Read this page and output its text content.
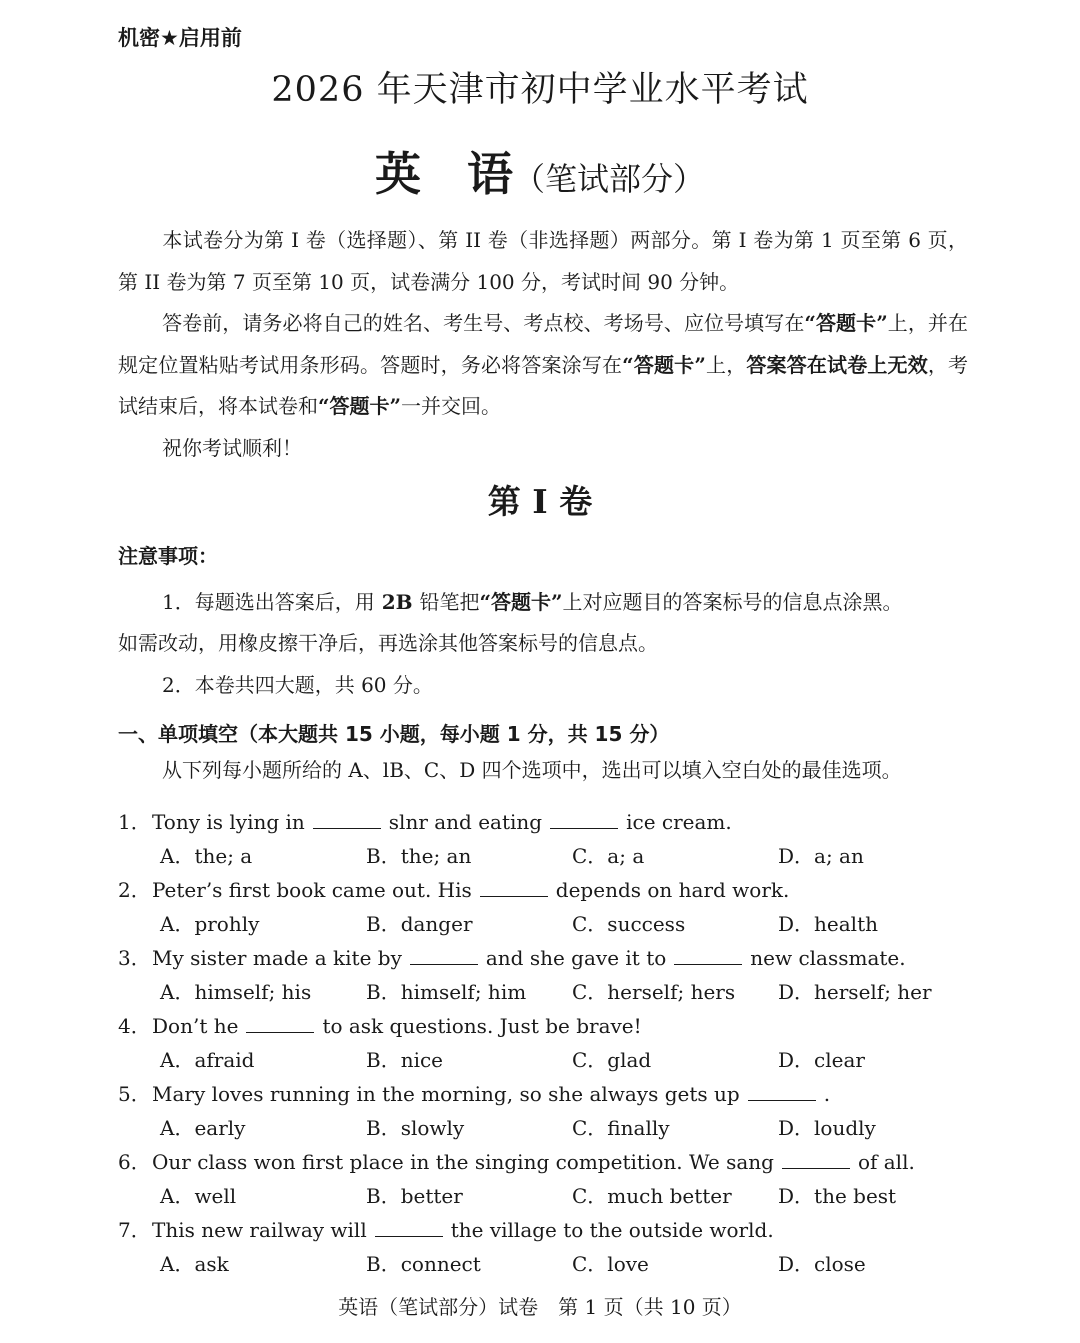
机密★启用前
2026 年天津市初中学业水平考试
英　语（笔试部分）
本试卷分为第 I 卷（选择题）、第 II 卷（非选择题）两部分。第 I 卷为第 1 页至第 6 页，第 II 卷为第 7 页至第 10 页，试卷满分 100 分，考试时间 90 分钟。
答卷前，请务必将自己的姓名、考生号、考点校、考场号、应位号填写在“答题卡”上，并在规定位置粘贴考试用条形码。答题时，务必将答案涂写在“答题卡”上，答案答在试卷上无效，考试结束后，将本试卷和“答题卡”一并交回。
祝你考试顺利！
第 I 卷
注意事项：
1．每题选出答案后，用 2B 铅笔把“答题卡”上对应题目的答案标号的信息点涂黑。
如需改动，用橡皮擦干净后，再选涂其他答案标号的信息点。
2．本卷共四大题，共 60 分。
一、单项填空（本大题共 15 小题，每小题 1 分，共 15 分）
从下列每小题所给的 A、lB、C、D 四个选项中，选出可以填入空白处的最佳选项。
1．Tony is lying in	slnr and eating	ice cream.
A．the; a	B．the; an	C．a; a	D．a; an
2．Peter’s first book came out. His	depends on hard work.
A．prohly	B．danger	C．success	D．health
3．My sister made a kite by	and she gave it to	new classmate.
A．himself; his	B．himself; him C．herself; hers D．herself; her
4．Don’t he	to ask questions. Just be brave!
A．afraid	B．nice	C．glad	D．clear
5．Mary loves running in the morning, so she always gets up	.
A．early	B．slowly	C．finally	D．loudly
6．Our class won first place in the singing competition. We sang	of all.
A．well	B．better	C．much better D．the best
7．This new railway will	the village to the outside world.
A．ask	B．connect	C．love	D．close
英语（笔试部分）试卷　第 1 页（共 10 页）
